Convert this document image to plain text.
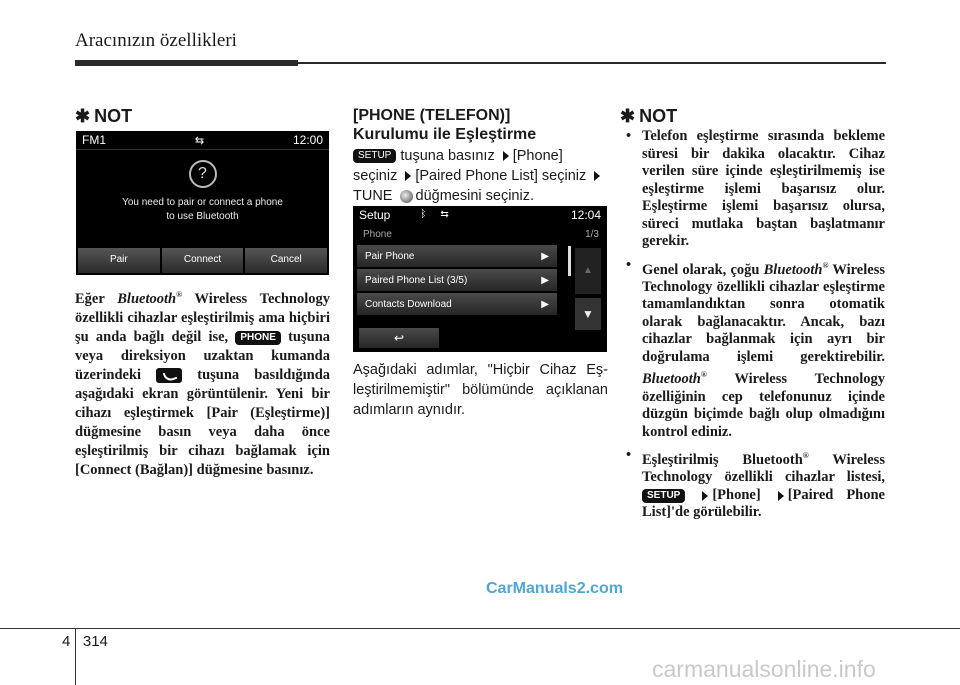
Aracınızın özellikleri
✱ NOT
FM1	⇆	12:00
?
You need to pair or connect a phone
to use Bluetooth
Pair	Connect	Cancel
Eğer Bluetooth® Wireless Technology özellikli cihazlar eşleştirilmiş ama hiçbiri şu anda bağlı değil ise, PHONE tuşuna veya direksiyon uzaktan kumanda üzerindeki	tuşuna basıldığında aşağıdaki ekran görüntülenir. Yeni bir cihazı eşleştirmek [Pair (Eşleştirme)] düğmesine basın veya daha önce eşleştirilmiş bir cihazı bağlamak için [Connect (Bağlan)] düğmesine basınız.
[PHONE (TELEFON)]
Kurulumu ile Eşleştirme
SETUP tuşuna basınız [Phone] seçiniz [Paired Phone List] seçiniz TUNE düğmesini seçiniz.
Setup	ᛒ ⇆	12:04
Phone	1/3
Pair Phone	▶
Paired Phone List (3/5)	▶
Contacts Download	▶
↩
▲
▼
Aşağıdaki adımlar, "Hiçbir Cihaz Eşleştirilmemiştir" bölümünde açıklanan adımların aynıdır.
✱ NOT
• Telefon eşleştirme sırasında bekleme süresi bir dakika olacaktır. Cihaz verilen süre içinde eşleştirilmemiş ise eşleştirme işlemi başarısız olur. Eşleştirme işlemi başarısız olursa, süreci mutlaka baştan başlatmanır gerekir.
• Genel olarak, çoğu Bluetooth® Wireless Technology özellikli cihazlar eşleştirme tamamlandıktan sonra otomatik olarak bağlanacaktır. Ancak, bazı cihazlar bağlanmak için ayrı bir doğrulama işlemi gerektirebilir. Bluetooth® Wireless Technology özelliğinin cep telefonunuz içinde düzgün biçimde bağlı olup olmadığını kontrol ediniz.
• Eşleştirilmiş Bluetooth® Wireless Technology özellikli cihazlar listesi, SETUP [Phone] [Paired Phone List]'de görülebilir.
CarManuals2.com
4 314
carmanualsonline.info
